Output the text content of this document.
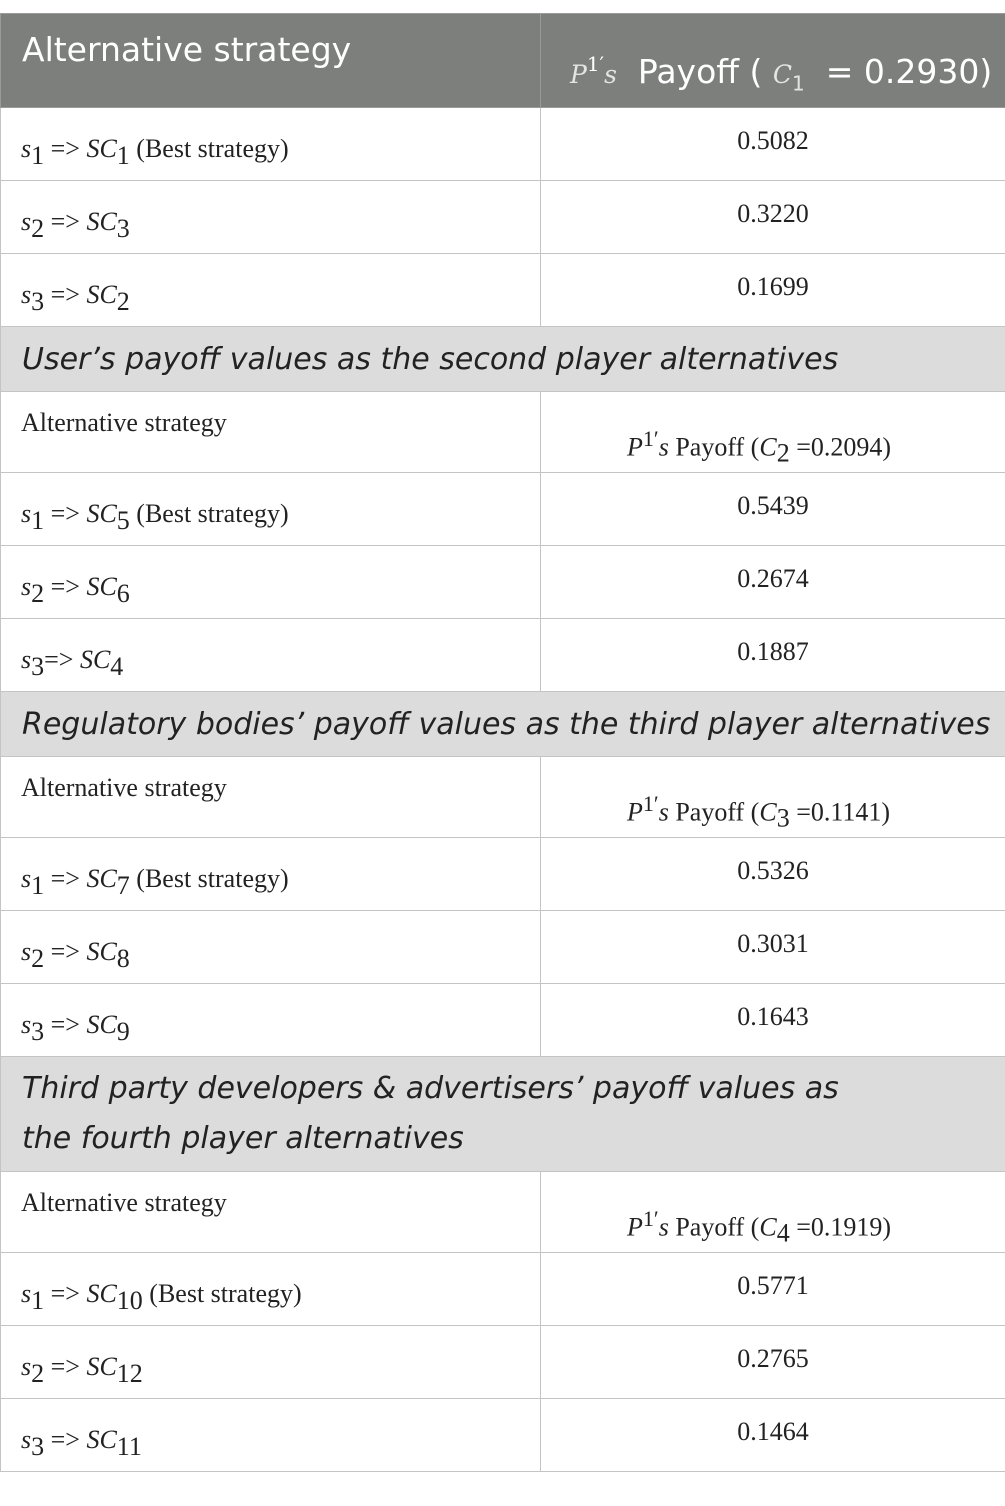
Alternative strategy	$P^{1'}s$ Payoff ( $C_1 = 0.2930$)

$s_1 => SC_1$ (Best strategy)	0.5082
$s_2 => SC_3$	0.3220
$s_3 => SC_2$	0.1699
User’s payoff values as the second player alternatives	
Alternative strategy	$P^{1'}s$ Payoff $(C_2 =0.2094)$
$s_1 => SC_5$ (Best strategy)	0.5439
$s_2 => SC_6$	0.2674
$s_3=> SC_4$	0.1887
Regulatory bodies’ payoff values as the third player alternatives	
Alternative strategy	$P^{1'}s$ Payoff $(C_3 =0.1141)$
$s_1 => SC_7$ (Best strategy)	0.5326
$s_2 => SC_8$	0.3031
$s_3 => SC_9$	0.1643
Third party developers & advertisers’ payoff values as the fourth player alternatives	
Alternative strategy	$P^{1'}s$ Payoff $(C_4 =0.1919)$
$s_1 => SC_{10}$ (Best strategy)	0.5771
$s_2 => SC_{12}$	0.2765
$s_3 => SC_{11}$	0.1464
